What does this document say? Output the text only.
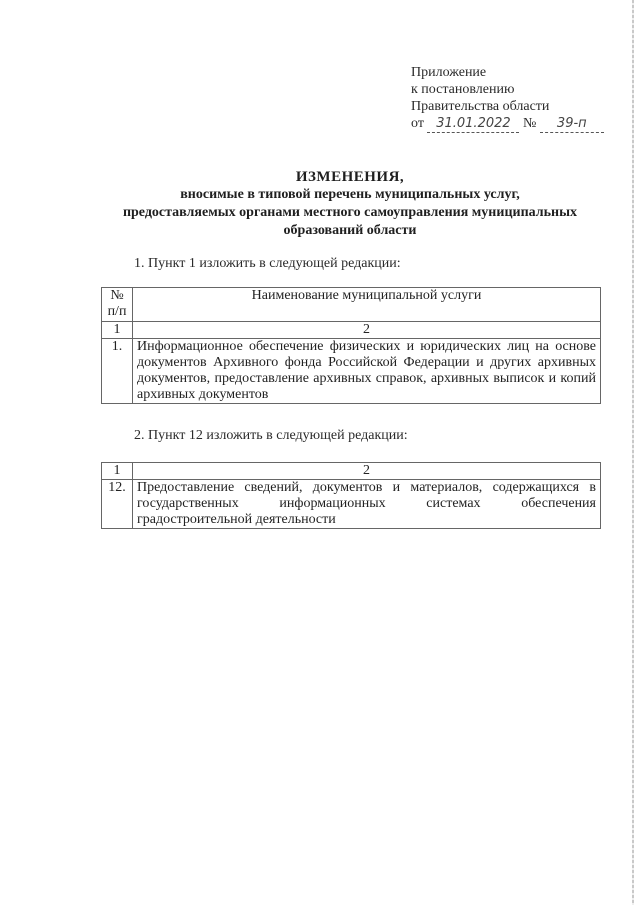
Приложение
к постановлению
Правительства области
от 31.01.2022 № 39-п
ИЗМЕНЕНИЯ,
вносимые в типовой перечень муниципальных услуг,
предоставляемых органами местного самоуправления муниципальных
образований области
1. Пункт 1 изложить в следующей редакции:
№ п/п	Наименование муниципальной услуги
1	2
1.	Информационное обеспечение физических и юридических лиц на основе документов Архивного фонда Российской Федерации и других архивных документов, предоставление архивных справок, архивных выписок и копий архивных документов
2. Пункт 12 изложить в следующей редакции:
1	2
12.	Предоставление сведений, документов и материалов, содержащихся в государственных информационных системах обеспечения градостроительной деятельности
